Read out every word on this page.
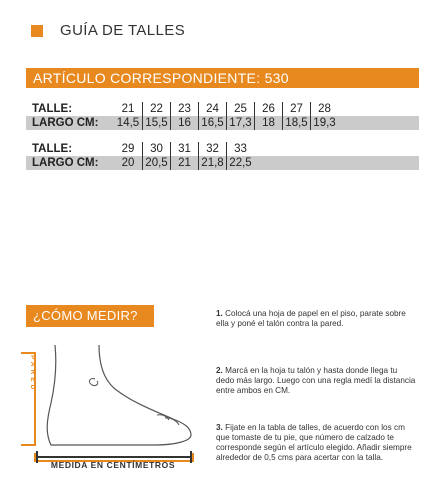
GUÍA DE TALLES
ARTÍCULO CORRESPONDIENTE: 530
TALLE:	21	22	23	24	25	26	27	28
LARGO CM: 14,5 15,5 16 16,5 17,3 18 18,5 19,3
TALLE:	29	30	31	32	33
LARGO CM:	20 20,5 21 21,8 22,5
¿CÓMO MEDIR?
PARED
MEDIDA EN CENTÍMETROS
1. Colocá una hoja de papel en el piso, parate sobre ella y poné el talón contra la pared.
2. Marcá en la hoja tu talón y hasta donde llega tu dedo más largo. Luego con una regla medí la distancia entre ambos en CM.
3. Fijate en la tabla de talles, de acuerdo con los cm que tomaste de tu pie, que número de calzado te corresponde según el artículo elegido. Añadir siempre alrededor de 0,5 cms para acertar con la talla.
